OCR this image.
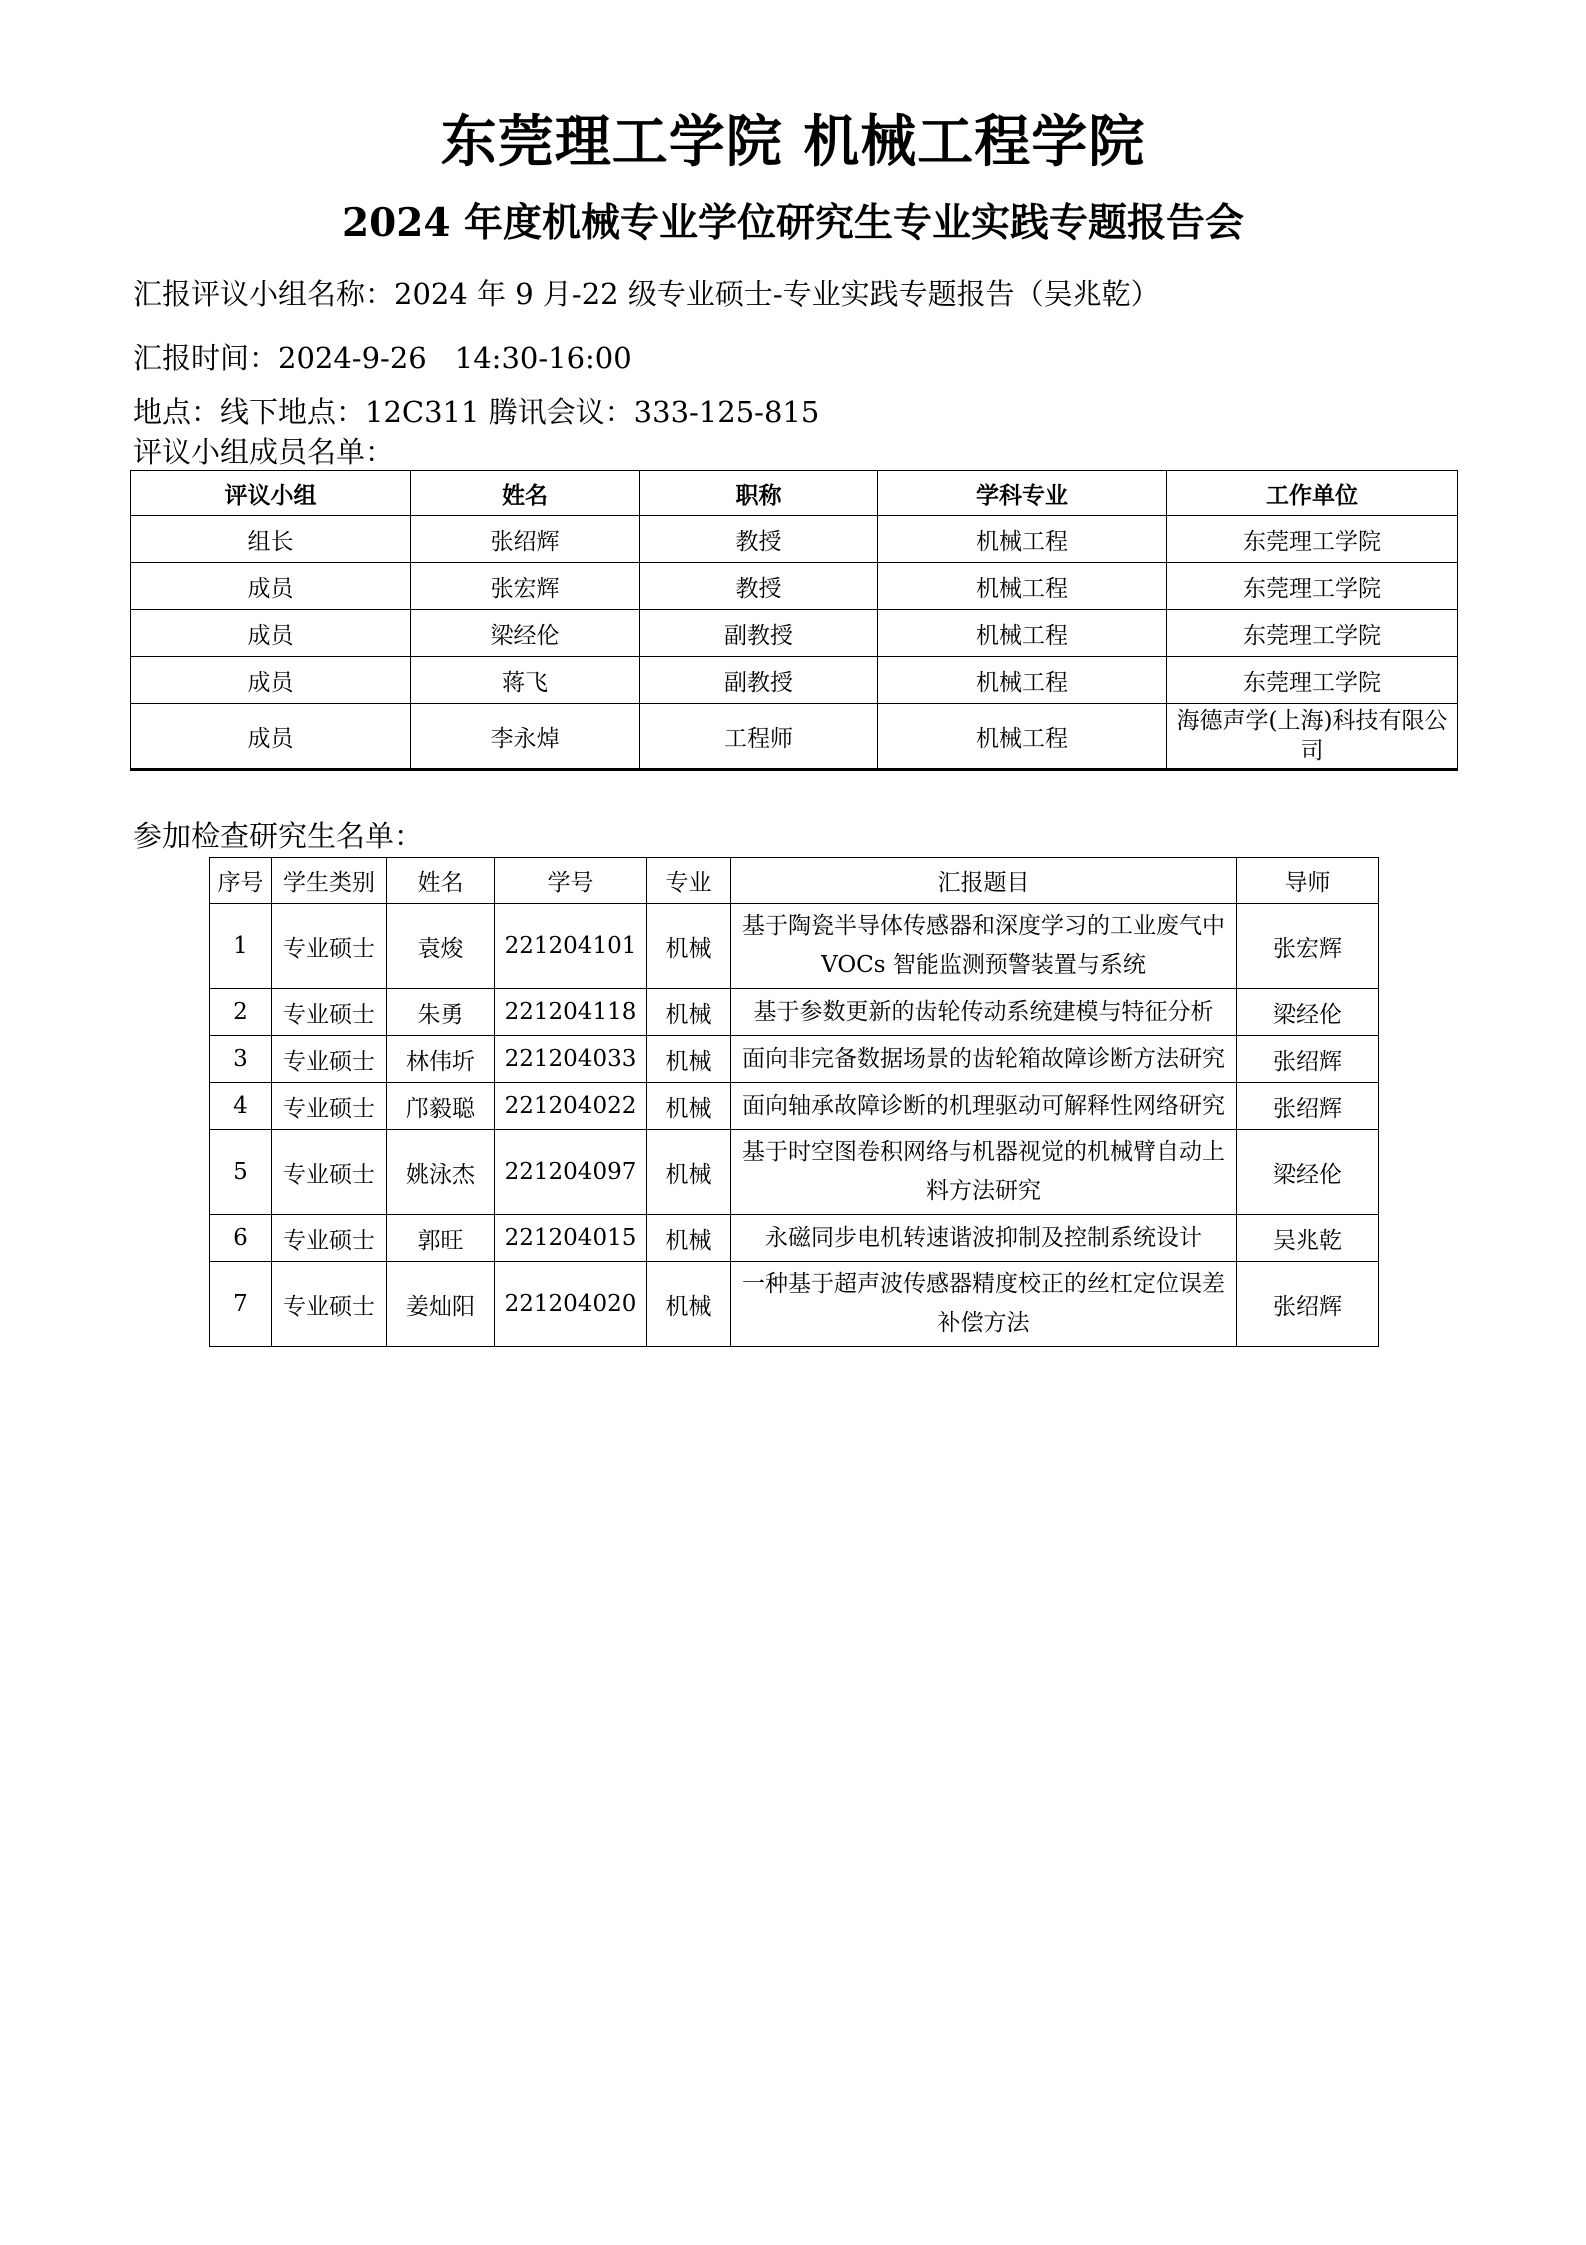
东莞理工学院 机械工程学院
2024 年度机械专业学位研究生专业实践专题报告会

汇报评议小组名称：2024 年 9 月-22 级专业硕士-专业实践专题报告（吴兆乾）

汇报时间：2024-9-26 14:30-16:00

地点：线下地点：12C311 腾讯会议：333-125-815

评议小组成员名单：

评议小组	姓名	职称	学科专业	工作单位
组长	张绍辉	教授	机械工程	东莞理工学院
成员	张宏辉	教授	机械工程	东莞理工学院
成员	梁经伦	副教授	机械工程	东莞理工学院
成员	蒋飞	副教授	机械工程	东莞理工学院
成员	李永焯	工程师	机械工程	海德声学(上海)科技有限公司

参加检查研究生名单：

序号	学生类别	姓名	学号	专业	汇报题目	导师
1	专业硕士	袁焌	221204101	机械	基于陶瓷半导体传感器和深度学习的工业废气中VOCs 智能监测预警装置与系统	张宏辉
2	专业硕士	朱勇	221204118	机械	基于参数更新的齿轮传动系统建模与特征分析	梁经伦
3	专业硕士	林伟圻	221204033	机械	面向非完备数据场景的齿轮箱故障诊断方法研究	张绍辉
4	专业硕士	邝毅聪	221204022	机械	面向轴承故障诊断的机理驱动可解释性网络研究	张绍辉
5	专业硕士	姚泳杰	221204097	机械	基于时空图卷积网络与机器视觉的机械臂自动上料方法研究	梁经伦
6	专业硕士	郭旺	221204015	机械	永磁同步电机转速谐波抑制及控制系统设计	吴兆乾
7	专业硕士	姜灿阳	221204020	机械	一种基于超声波传感器精度校正的丝杠定位误差补偿方法	张绍辉
